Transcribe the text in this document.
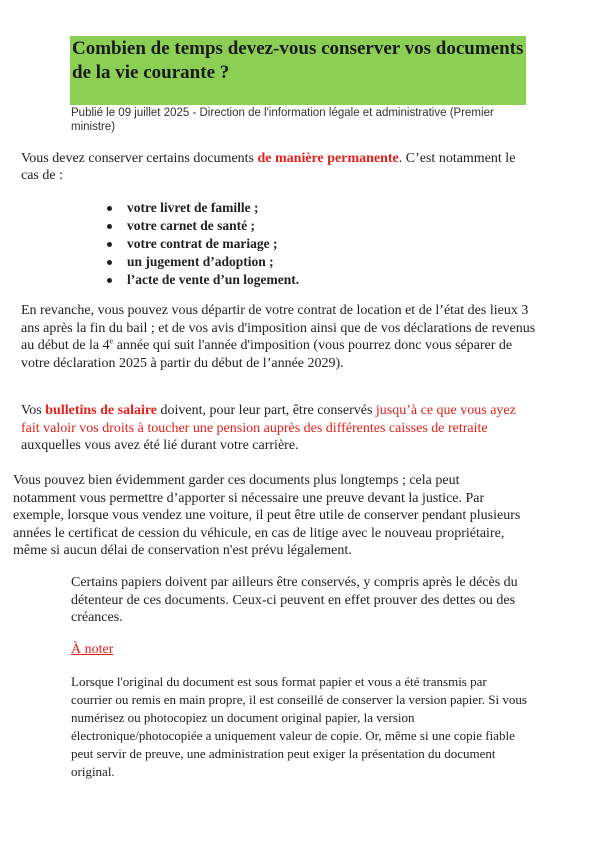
Combien de temps devez-vous conserver vos documents de la vie courante ?
Publié le 09 juillet 2025 - Direction de l'information légale et administrative (Premier ministre)

Vous devez conserver certains documents de manière permanente. C’est notamment le cas de :

votre livret de famille ;
votre carnet de santé ;
votre contrat de mariage ;
un jugement d’adoption ;
l’acte de vente d’un logement.

En revanche, vous pouvez vous départir de votre contrat de location et de l’état des lieux 3 ans après la fin du bail ; et de vos avis d'imposition ainsi que de vos déclarations de revenus au début de la 4e année qui suit l'année d'imposition (vous pourrez donc vous séparer de votre déclaration 2025 à partir du début de l’année 2029).

Vos bulletins de salaire doivent, pour leur part, être conservés jusqu’à ce que vous ayez fait valoir vos droits à toucher une pension auprès des différentes caisses de retraite auxquelles vous avez été lié durant votre carrière.

Vous pouvez bien évidemment garder ces documents plus longtemps ; cela peut notamment vous permettre d’apporter si nécessaire une preuve devant la justice. Par exemple, lorsque vous vendez une voiture, il peut être utile de conserver pendant plusieurs années le certificat de cession du véhicule, en cas de litige avec le nouveau propriétaire, même si aucun délai de conservation n'est prévu légalement.

Certains papiers doivent par ailleurs être conservés, y compris après le décès du détenteur de ces documents. Ceux-ci peuvent en effet prouver des dettes ou des créances.

À noter

Lorsque l'original du document est sous format papier et vous a été transmis par courrier ou remis en main propre, il est conseillé de conserver la version papier. Si vous numérisez ou photocopiez un document original papier, la version électronique/photocopiée a uniquement valeur de copie. Or, même si une copie fiable peut servir de preuve, une administration peut exiger la présentation du document original.
